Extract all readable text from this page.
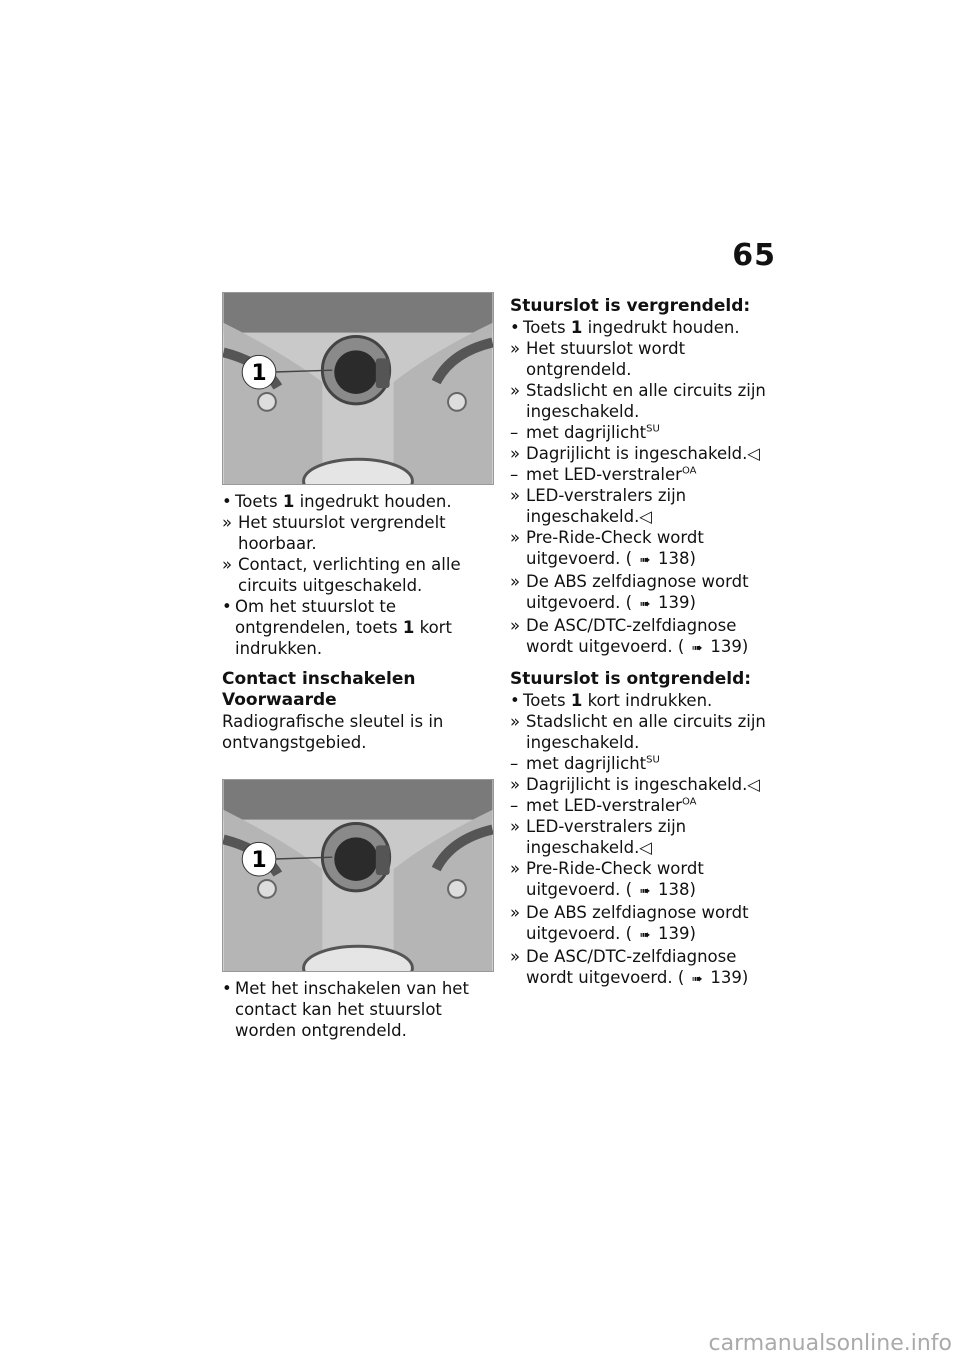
65
1
• Toets 1 ingedrukt houden.
» Het stuurslot vergrendelt hoorbaar.
» Contact, verlichting en alle circuits uitgeschakeld.
• Om het stuurslot te ontgrendelen, toets 1 kort indrukken.
Contact inschakelen
Voorwaarde
Radiografische sleutel is in ontvangstgebied.
1
• Met het inschakelen van het contact kan het stuurslot worden ontgrendeld.
Stuurslot is vergrendeld:
• Toets 1 ingedrukt houden.
» Het stuurslot wordt ontgrendeld.
» Stadslicht en alle circuits zijn ingeschakeld.
– met dagrijlicht$^{SU}$
» Dagrijlicht is ingeschakeld.◁
– met LED-verstraler$^{OA}$
» LED-verstralers zijn ingeschakeld.◁
» Pre-Ride-Check wordt uitgevoerd. ( ➠ 138)
» De ABS zelfdiagnose wordt uitgevoerd. ( ➠ 139)
» De ASC/DTC-zelfdiagnose wordt uitgevoerd. ( ➠ 139)
Stuurslot is ontgrendeld:
• Toets 1 kort indrukken.
» Stadslicht en alle circuits zijn ingeschakeld.
– met dagrijlicht$^{SU}$
» Dagrijlicht is ingeschakeld.◁
– met LED-verstraler$^{OA}$
» LED-verstralers zijn ingeschakeld.◁
» Pre-Ride-Check wordt uitgevoerd. ( ➠ 138)
» De ABS zelfdiagnose wordt uitgevoerd. ( ➠ 139)
» De ASC/DTC-zelfdiagnose wordt uitgevoerd. ( ➠ 139)
carmanualsonline.info
